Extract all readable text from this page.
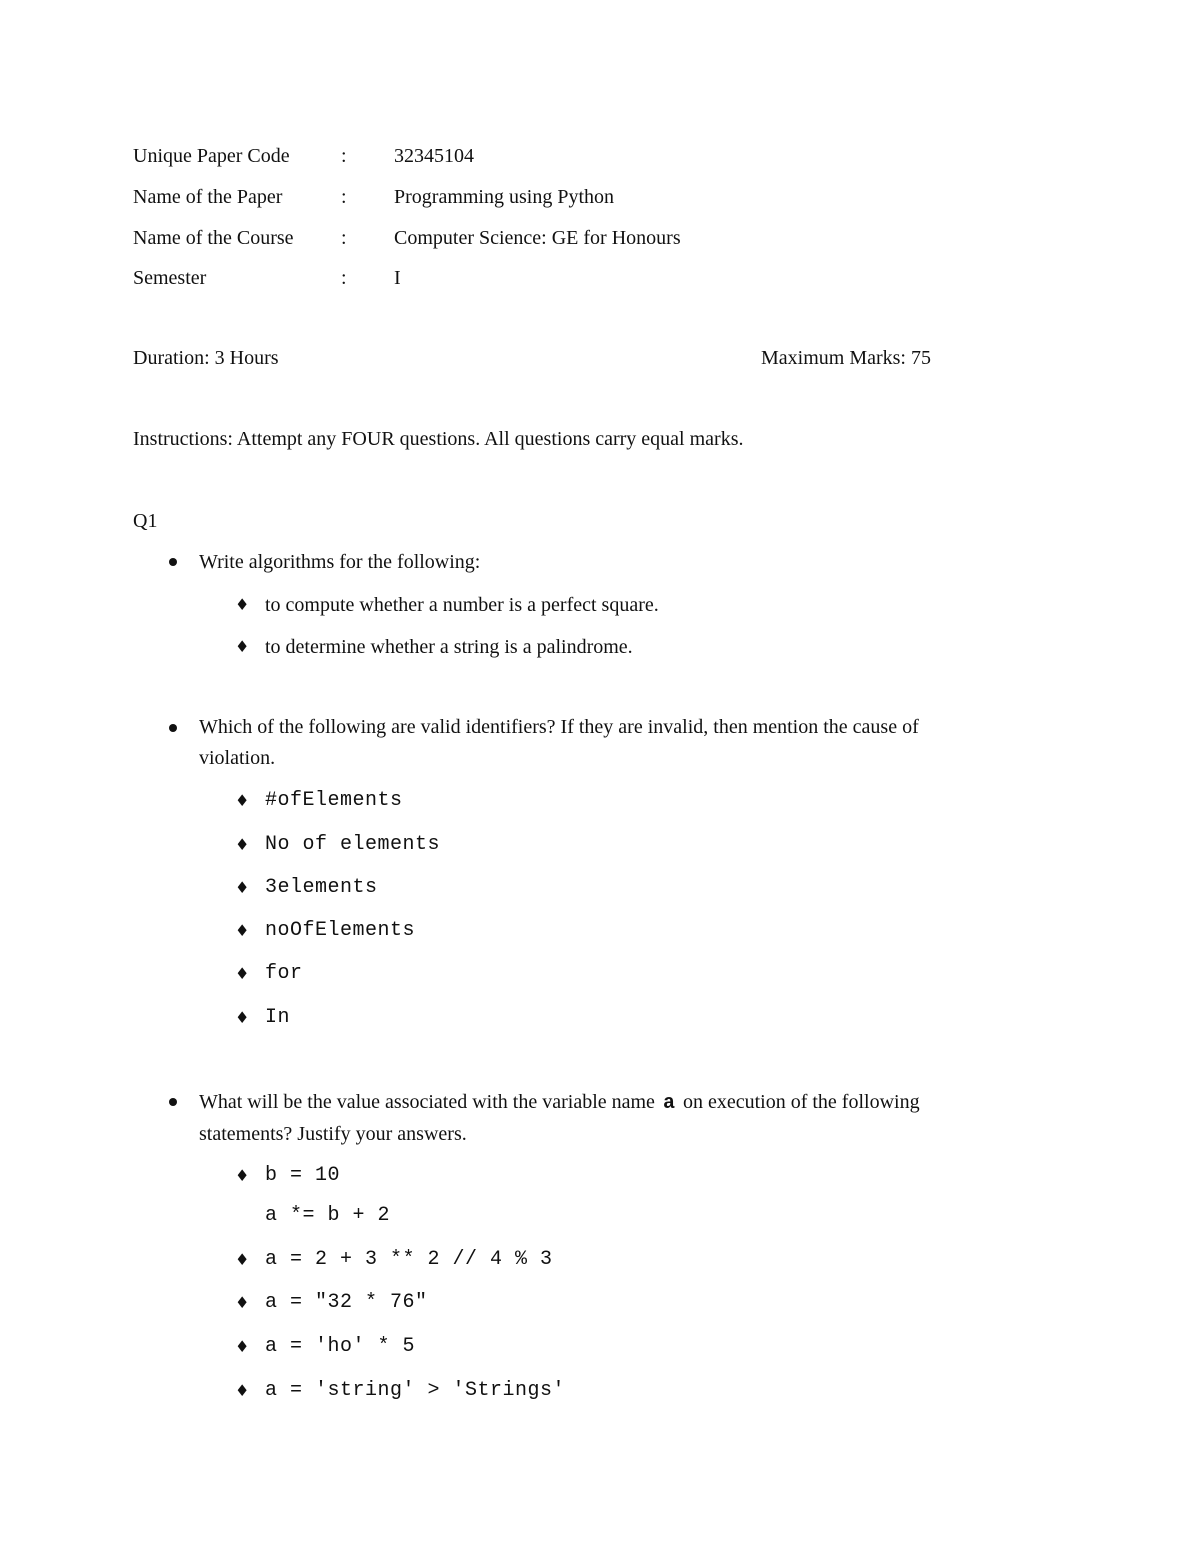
Unique Paper Code	: 32345104
Name of the Paper	: Programming using Python
Name of the Course : Computer Science: GE for Honours
Semester	: I
Duration: 3 Hours	Maximum Marks: 75
Instructions: Attempt any FOUR questions. All questions carry equal marks.
Q1
Write algorithms for the following:
♦ to compute whether a number is a perfect square.
♦ to determine whether a string is a palindrome.
Which of the following are valid identifiers? If they are invalid, then mention the cause of violation.
♦ #ofElements
♦ No of elements
♦ 3elements
♦ noOfElements
♦ for
♦ In
What will be the value associated with the variable name a on execution of the following statements? Justify your answers.
♦ b = 10
a *= b + 2
♦ a = 2 + 3 ** 2 // 4 % 3
♦ a = "32 * 76"
♦ a = 'ho' * 5
♦ a = 'string' > 'Strings'
